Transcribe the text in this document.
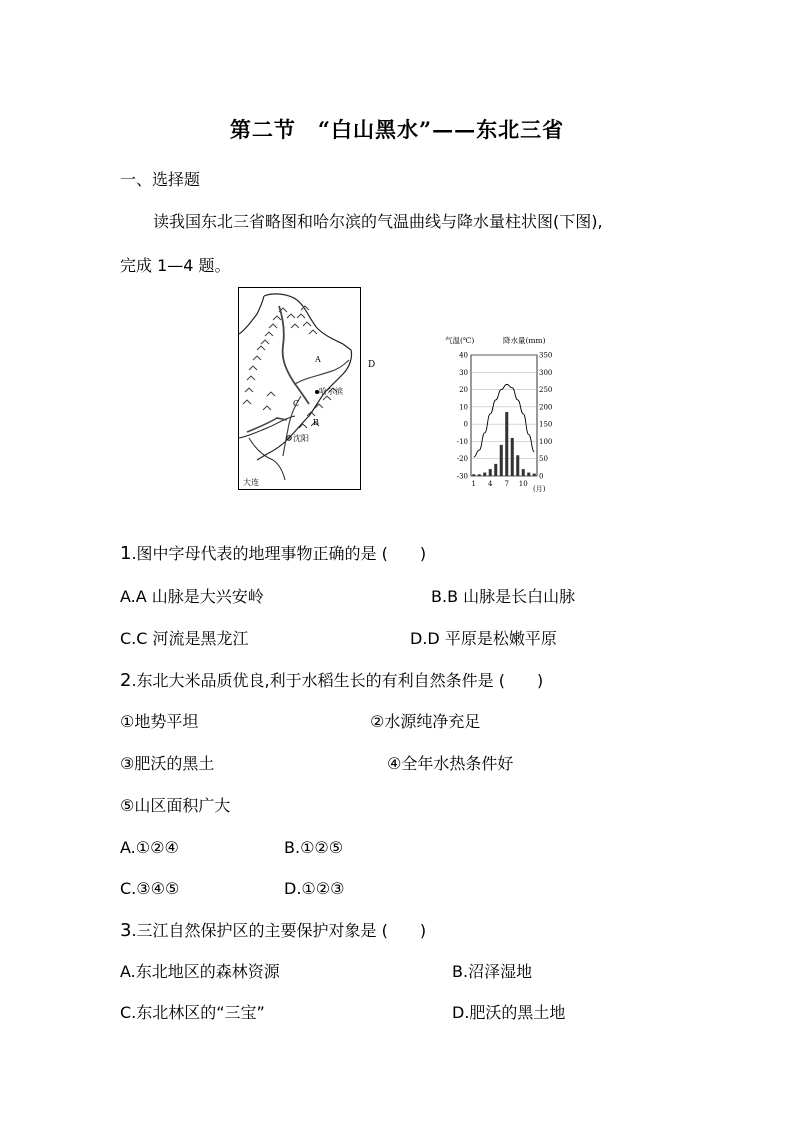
第二节　“白山黑水”——东北三省
一、选择题
读我国东北三省略图和哈尔滨的气温曲线与降水量柱状图(下图),
完成 1—4 题。
A
B
C
哈尔滨
沈阳
大连
D
气温(℃)	降水量(mm)
40
30
20
10
0
-10
-20
-30
350
300
250
200
150
100
50
0
1 4 7 10
(月)
1.图中字母代表的地理事物正确的是 (　　)
A.A 山脉是大兴安岭	B.B 山脉是长白山脉
C.C 河流是黑龙江	D.D 平原是松嫩平原
2.东北大米品质优良,利于水稻生长的有利自然条件是 (　　)
①地势平坦	②水源纯净充足
③肥沃的黑土	④全年水热条件好
⑤山区面积广大
A.①②④	B.①②⑤
C.③④⑤	D.①②③
3.三江自然保护区的主要保护对象是 (　　)
A.东北地区的森林资源	B.沼泽湿地
C.东北林区的“三宝”	D.肥沃的黑土地
